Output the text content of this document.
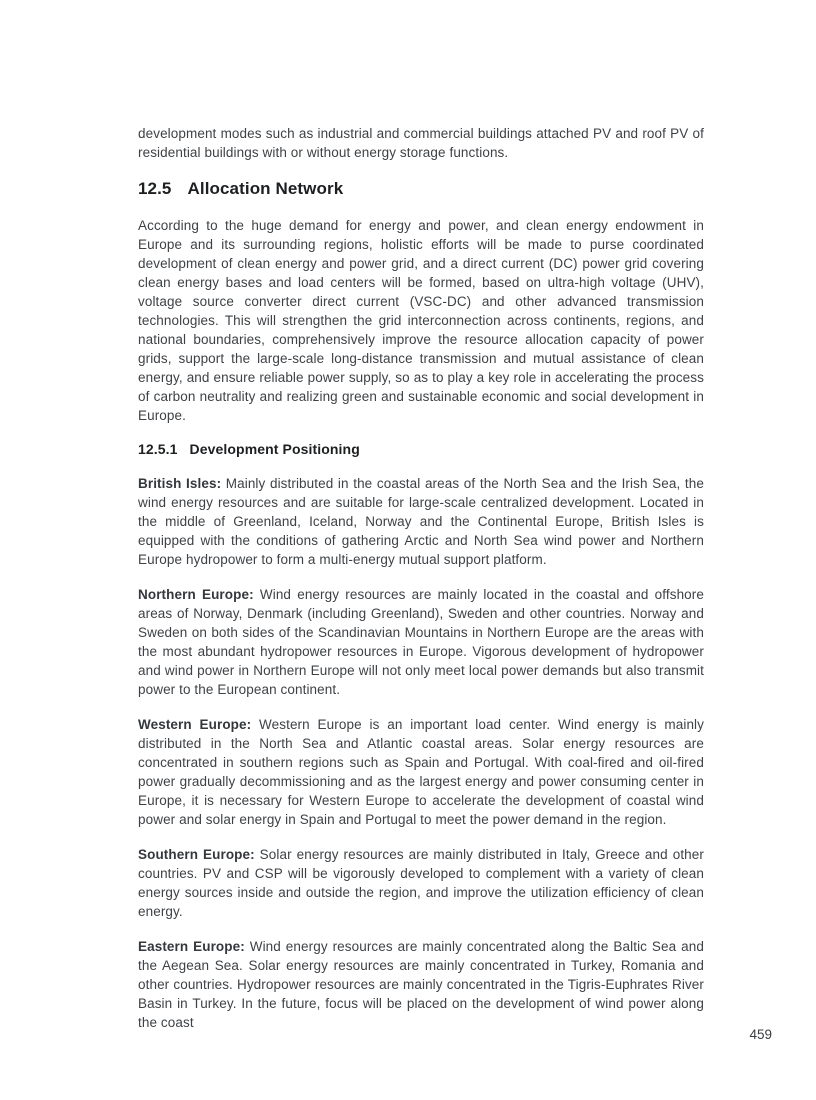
development modes such as industrial and commercial buildings attached PV and roof PV of residential buildings with or without energy storage functions.

12.5 Allocation Network

According to the huge demand for energy and power, and clean energy endowment in Europe and its surrounding regions, holistic efforts will be made to purse coordinated development of clean energy and power grid, and a direct current (DC) power grid covering clean energy bases and load centers will be formed, based on ultra-high voltage (UHV), voltage source converter direct current (VSC-DC) and other advanced transmission technologies. This will strengthen the grid interconnection across continents, regions, and national boundaries, comprehensively improve the resource allocation capacity of power grids, support the large-scale long-distance transmission and mutual assistance of clean energy, and ensure reliable power supply, so as to play a key role in accelerating the process of carbon neutrality and realizing green and sustainable economic and social development in Europe.

12.5.1 Development Positioning

British Isles: Mainly distributed in the coastal areas of the North Sea and the Irish Sea, the wind energy resources and are suitable for large-scale centralized development. Located in the middle of Greenland, Iceland, Norway and the Continental Europe, British Isles is equipped with the conditions of gathering Arctic and North Sea wind power and Northern Europe hydropower to form a multi-energy mutual support platform.

Northern Europe: Wind energy resources are mainly located in the coastal and offshore areas of Norway, Denmark (including Greenland), Sweden and other countries. Norway and Sweden on both sides of the Scandinavian Mountains in Northern Europe are the areas with the most abundant hydropower resources in Europe. Vigorous development of hydropower and wind power in Northern Europe will not only meet local power demands but also transmit power to the European continent.

Western Europe: Western Europe is an important load center. Wind energy is mainly distributed in the North Sea and Atlantic coastal areas. Solar energy resources are concentrated in southern regions such as Spain and Portugal. With coal-fired and oil-fired power gradually decommissioning and as the largest energy and power consuming center in Europe, it is necessary for Western Europe to accelerate the development of coastal wind power and solar energy in Spain and Portugal to meet the power demand in the region.

Southern Europe: Solar energy resources are mainly distributed in Italy, Greece and other countries. PV and CSP will be vigorously developed to complement with a variety of clean energy sources inside and outside the region, and improve the utilization efficiency of clean energy.

Eastern Europe: Wind energy resources are mainly concentrated along the Baltic Sea and the Aegean Sea. Solar energy resources are mainly concentrated in Turkey, Romania and other countries. Hydropower resources are mainly concentrated in the Tigris-Euphrates River Basin in Turkey. In the future, focus will be placed on the development of wind power along the coast

459
